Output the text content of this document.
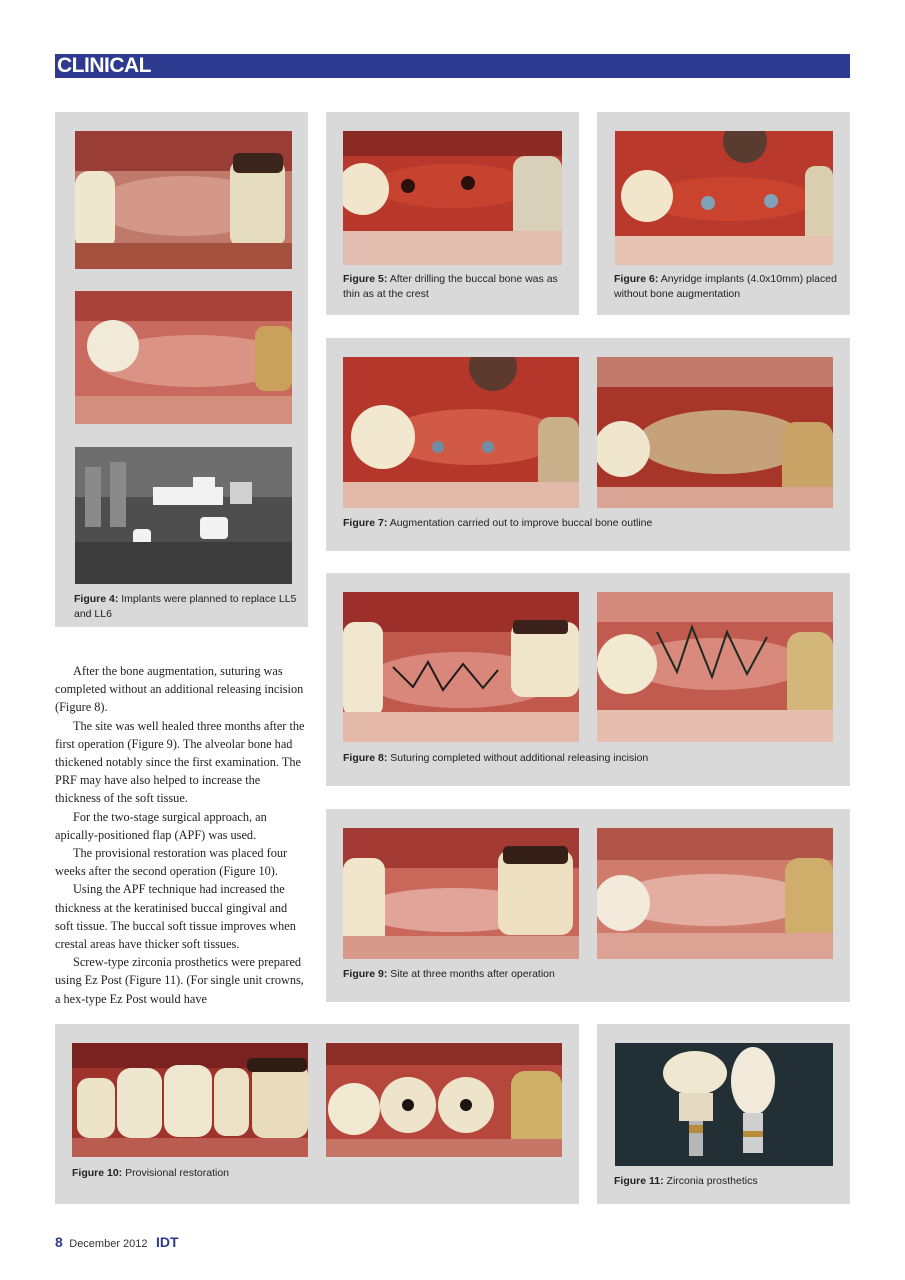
CLINICAL
Figure 4: Implants were planned to replace LL5 and LL6
Figure 5: After drilling the buccal bone was as thin as at the crest
Figure 6: Anyridge implants (4.0x10mm) placed without bone augmentation
Figure 7: Augmentation carried out to improve buccal bone outline
Figure 8: Suturing completed without additional releasing incision
Figure 9: Site at three months after operation
Figure 10: Provisional restoration
Figure 11: Zirconia prosthetics

After the bone augmentation, suturing was completed without an additional releasing incision (Figure 8).

The site was well healed three months after the first operation (Figure 9). The alveolar bone had thickened notably since the first examination. The PRF may have also helped to increase the thickness of the soft tissue.

For the two-stage surgical approach, an apically-positioned flap (APF) was used.

The provisional restoration was placed four weeks after the second operation (Figure 10).

Using the APF technique had increased the thickness at the keratinised buccal gingival and soft tissue. The buccal soft tissue improves when crestal areas have thicker soft tissues.

Screw-type zirconia prosthetics were prepared using Ez Post (Figure 11). (For single unit crowns, a hex-type Ez Post would have

8 December 2012 IDT
